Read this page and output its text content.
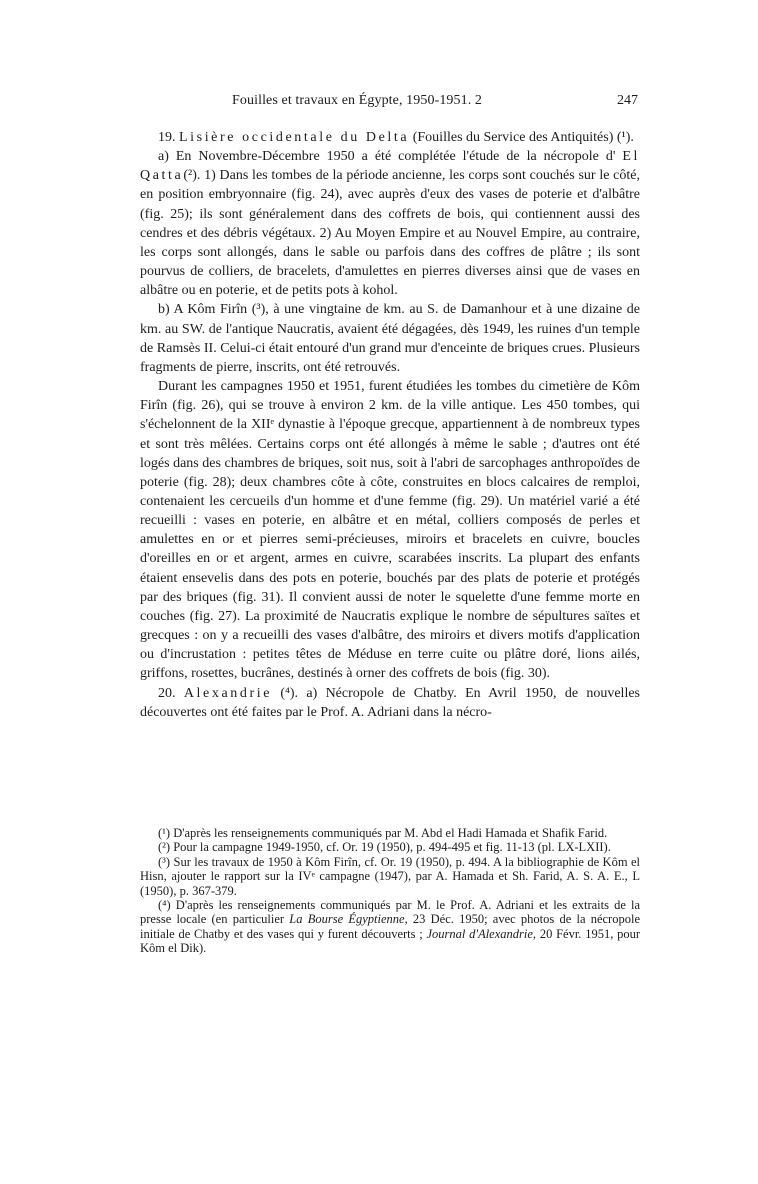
Fouilles et travaux en Égypte, 1950-1951. 2	247

19. Lisière occidentale du Delta (Fouilles du Service des Antiquités) (¹).

a) En Novembre-Décembre 1950 a été complétée l'étude de la nécropole d' El Qatta(²). 1) Dans les tombes de la période ancienne, les corps sont couchés sur le côté, en position embryonnaire (fig. 24), avec auprès d'eux des vases de poterie et d'albâtre (fig. 25); ils sont généralement dans des coffrets de bois, qui contiennent aussi des cendres et des débris végétaux. 2) Au Moyen Empire et au Nouvel Empire, au contraire, les corps sont allongés, dans le sable ou parfois dans des coffres de plâtre ; ils sont pourvus de colliers, de bracelets, d'amulettes en pierres diverses ainsi que de vases en albâtre ou en poterie, et de petits pots à kohol.

b) A Kôm Firîn (³), à une vingtaine de km. au S. de Damanhour et à une dizaine de km. au SW. de l'antique Naucratis, avaient été dégagées, dès 1949, les ruines d'un temple de Ramsès II. Celui-ci était entouré d'un grand mur d'enceinte de briques crues. Plusieurs fragments de pierre, inscrits, ont été retrouvés.

Durant les campagnes 1950 et 1951, furent étudiées les tombes du cimetière de Kôm Firîn (fig. 26), qui se trouve à environ 2 km. de la ville antique. Les 450 tombes, qui s'échelonnent de la XIIᵉ dynastie à l'époque grecque, appartiennent à de nombreux types et sont très mêlées. Certains corps ont été allongés à même le sable ; d'autres ont été logés dans des chambres de briques, soit nus, soit à l'abri de sarcophages anthropoïdes de poterie (fig. 28); deux chambres côte à côte, construites en blocs calcaires de remploi, contenaient les cercueils d'un homme et d'une femme (fig. 29). Un matériel varié a été recueilli : vases en poterie, en albâtre et en métal, colliers composés de perles et amulettes en or et pierres semi-précieuses, miroirs et bracelets en cuivre, boucles d'oreilles en or et argent, armes en cuivre, scarabées inscrits. La plupart des enfants étaient ensevelis dans des pots en poterie, bouchés par des plats de poterie et protégés par des briques (fig. 31). Il convient aussi de noter le squelette d'une femme morte en couches (fig. 27). La proximité de Naucratis explique le nombre de sépultures saïtes et grecques : on y a recueilli des vases d'albâtre, des miroirs et divers motifs d'application ou d'incrustation : petites têtes de Méduse en terre cuite ou plâtre doré, lions ailés, griffons, rosettes, bucrânes, destinés à orner des coffrets de bois (fig. 30).

20. Alexandrie (⁴). a) Nécropole de Chatby. En Avril 1950, de nouvelles découvertes ont été faites par le Prof. A. Adriani dans la nécro-

(¹) D'après les renseignements communiqués par M. Abd el Hadi Hamada et Shafik Farid.

(²) Pour la campagne 1949-1950, cf. Or. 19 (1950), p. 494-495 et fig. 11-13 (pl. LX-LXII).

(³) Sur les travaux de 1950 à Kôm Firîn, cf. Or. 19 (1950), p. 494. A la bibliographie de Kôm el Hisn, ajouter le rapport sur la IVᵉ campagne (1947), par A. Hamada et Sh. Farid, A. S. A. E., L (1950), p. 367-379.

(⁴) D'après les renseignements communiqués par M. le Prof. A. Adriani et les extraits de la presse locale (en particulier La Bourse Égyptienne, 23 Déc. 1950; avec photos de la nécropole initiale de Chatby et des vases qui y furent découverts ; Journal d'Alexandrie, 20 Févr. 1951, pour Kôm el Dik).
